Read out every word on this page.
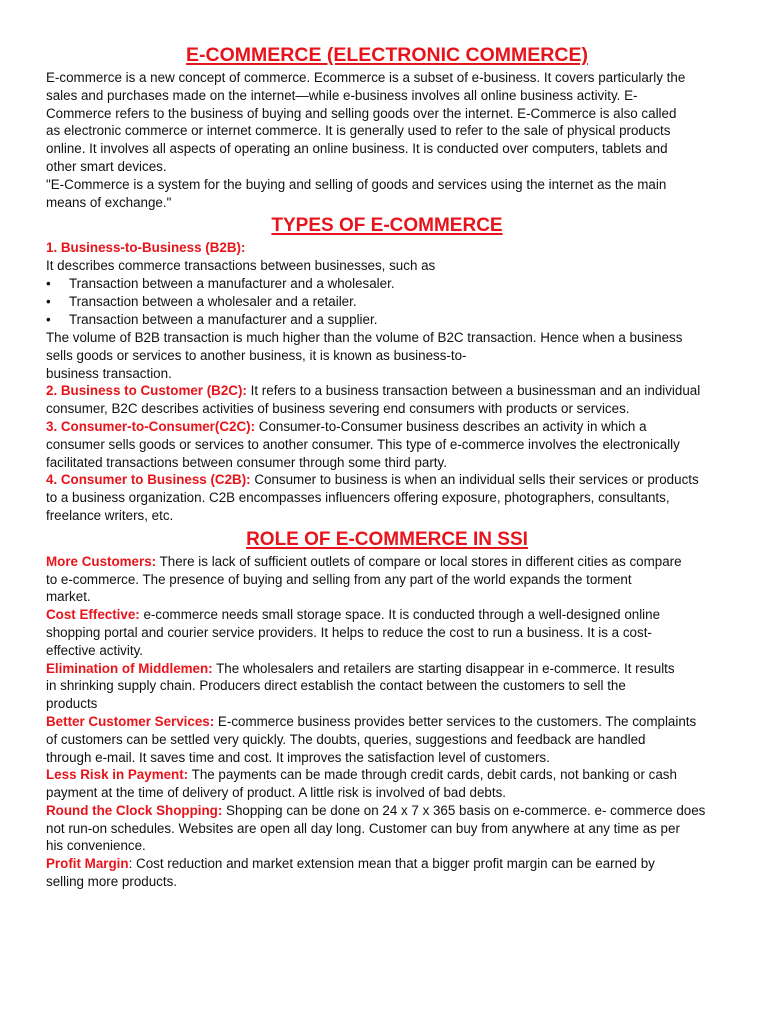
E-COMMERCE (ELECTRONIC COMMERCE)

E-commerce is a new concept of commerce. Ecommerce is a subset of e-business. It covers particularly the
sales and purchases made on the internet—while e-business involves all online business activity. E-
Commerce refers to the business of buying and selling goods over the internet. E-Commerce is also called
as electronic commerce or internet commerce. It is generally used to refer to the sale of physical products
online. It involves all aspects of operating an online business. It is conducted over computers, tablets and
other smart devices.

"E-Commerce is a system for the buying and selling of goods and services using the internet as the main
means of exchange."

TYPES OF E-COMMERCE

1. Business-to-Business (B2B):

It describes commerce transactions between businesses, such as

• Transaction between a manufacturer and a wholesaler.
• Transaction between a wholesaler and a retailer.
• Transaction between a manufacturer and a supplier.

The volume of B2B transaction is much higher than the volume of B2C transaction. Hence when a business
sells goods or services to another business, it is known as business-to-
business transaction.

2. Business to Customer (B2C): It refers to a business transaction between a businessman and an individual
consumer, B2C describes activities of business severing end consumers with products or services.

3. Consumer-to-Consumer(C2C): Consumer-to-Consumer business describes an activity in which a
consumer sells goods or services to another consumer. This type of e-commerce involves the electronically
facilitated transactions between consumer through some third party.

4. Consumer to Business (C2B): Consumer to business is when an individual sells their services or products
to a business organization. C2B encompasses influencers offering exposure, photographers, consultants,
freelance writers, etc.

ROLE OF E-COMMERCE IN SSI

More Customers: There is lack of sufficient outlets of compare or local stores in different cities as compare
to e-commerce. The presence of buying and selling from any part of the world expands the torment
market.

Cost Effective: e-commerce needs small storage space. It is conducted through a well-designed online
shopping portal and courier service providers. It helps to reduce the cost to run a business. It is a cost-
effective activity.

Elimination of Middlemen: The wholesalers and retailers are starting disappear in e-commerce. It results
in shrinking supply chain. Producers direct establish the contact between the customers to sell the
products

Better Customer Services: E-commerce business provides better services to the customers. The complaints
of customers can be settled very quickly. The doubts, queries, suggestions and feedback are handled
through e-mail. It saves time and cost. It improves the satisfaction level of customers.

Less Risk in Payment: The payments can be made through credit cards, debit cards, not banking or cash
payment at the time of delivery of product. A little risk is involved of bad debts.

Round the Clock Shopping: Shopping can be done on 24 x 7 x 365 basis on e-commerce. e- commerce does
not run-on schedules. Websites are open all day long. Customer can buy from anywhere at any time as per
his convenience.

Profit Margin: Cost reduction and market extension mean that a bigger profit margin can be earned by
selling more products.
